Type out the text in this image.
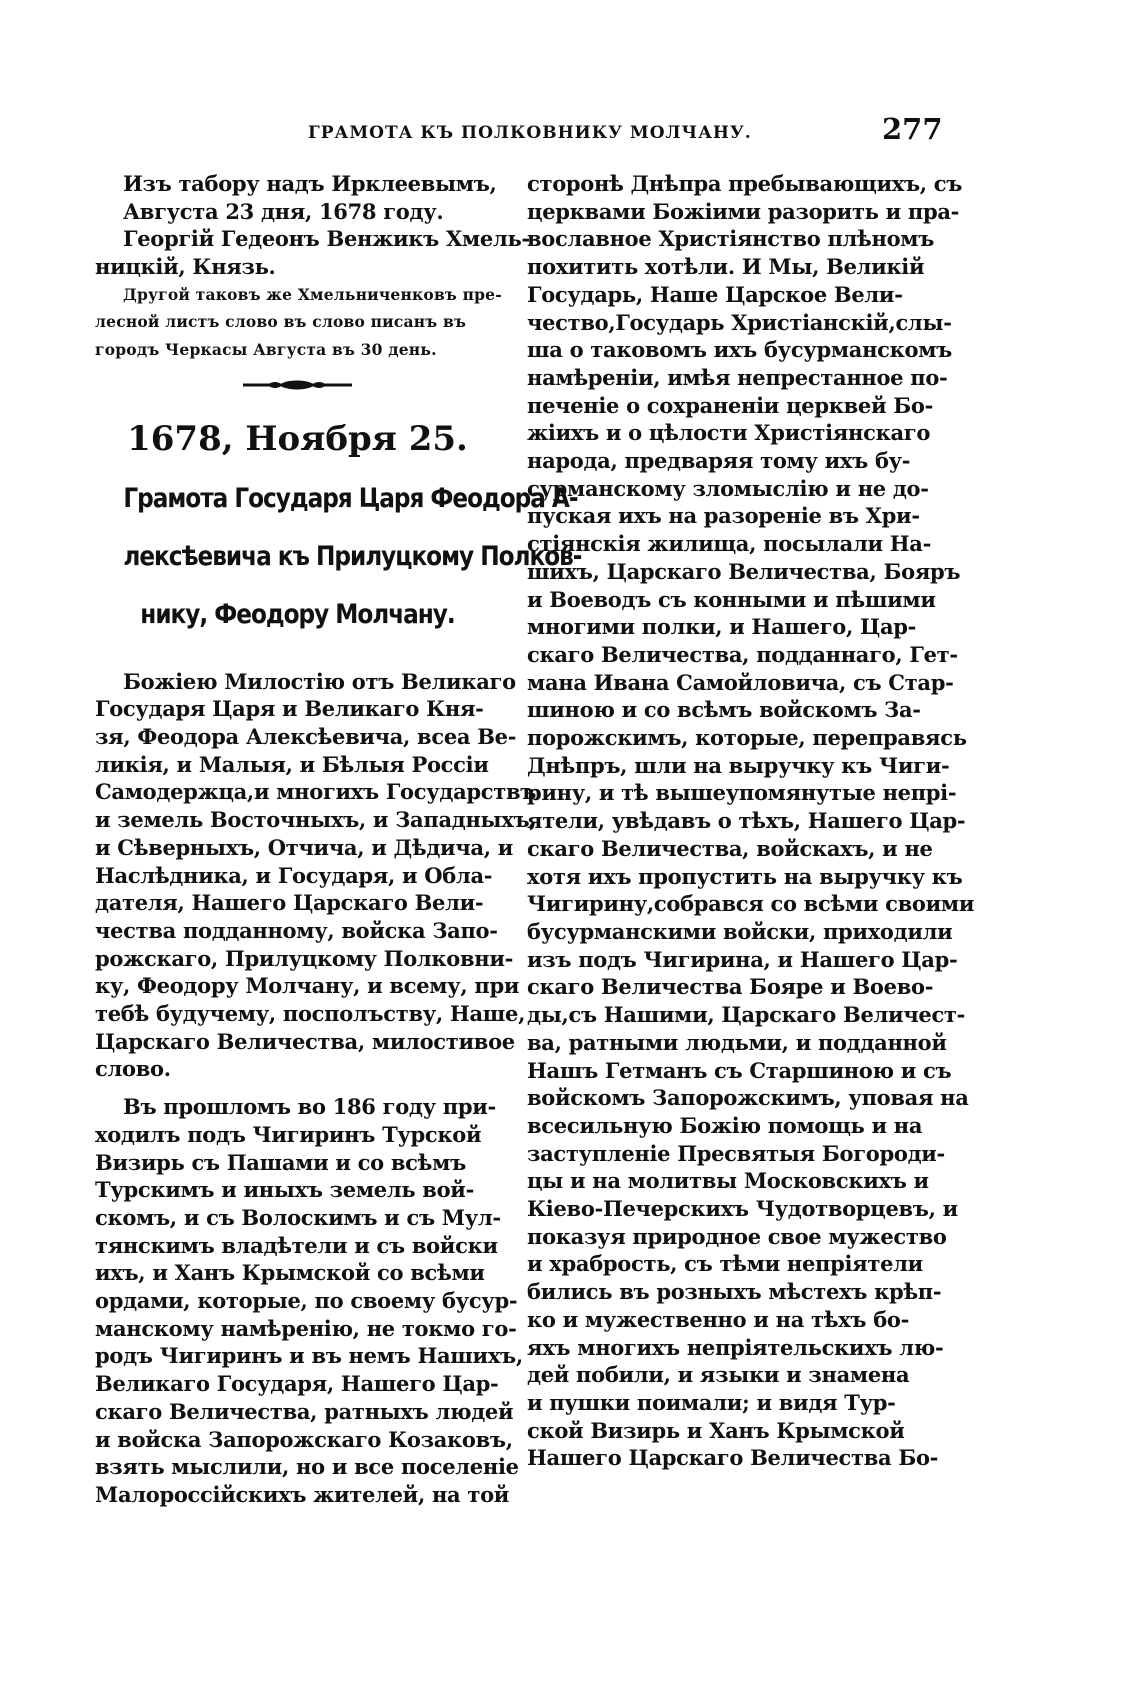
ГРАМОТА КЪ ПОЛКОВНИКУ МОЛЧАНУ.	277
Изъ табору надъ Ирклеевымъ,
Августа 23 дня, 1678 году.
Георгій Гедеонъ Венжикъ Хмель-
ницкій, Князь.
Другой таковъ же Хмельниченковъ пре-
лесной листъ слово въ слово писанъ въ
городъ Черкасы Августа въ 30 день.
1678, Ноября 25.
Грамота Государя Царя Феодора А-
лексѣевича къ Прилуцкому Полков-
нику, Феодору Молчану.
Божіею Милостію отъ Великаго
Государя Царя и Великаго Кня-
зя, Феодора Алексѣевича, всеа Ве-
ликія, и Малыя, и Бѣлыя Россіи
Самодержца,и многихъ Государствъ
и земель Восточныхъ, и Западныхъ,
и Сѣверныхъ, Отчича, и Дѣдича, и
Наслѣдника, и Государя, и Обла-
дателя, Нашего Царскаго Вели-
чества подданному, войска Запо-
рожскаго, Прилуцкому Полковни-
ку, Феодору Молчану, и всему, при
тебѣ будучему, посполъству, Наше,
Царскаго Величества, милостивое
слово.
Въ прошломъ во 186 году при-
ходилъ подъ Чигиринъ Турской
Визирь съ Пашами и со всѣмъ
Турскимъ и иныхъ земель вой-
скомъ, и съ Волоскимъ и съ Мул-
тянскимъ владѣтели и съ войски
ихъ, и Ханъ Крымской со всѣми
ордами, которые, по своему бусур-
манскому намѣренію, не токмо го-
родъ Чигиринъ и въ немъ Нашихъ,
Великаго Государя, Нашего Цар-
скаго Величества, ратныхъ людей
и войска Запорожскаго Козаковъ,
взять мыслили, но и все поселеніе
Малороссійскихъ жителей, на той
сторонѣ Днѣпра пребывающихъ, съ
церквами Божіими разорить и пра-
вославное Христіянство плѣномъ
похитить хотѣли. И Мы, Великій
Государь, Наше Царское Вели-
чество,Государь Христіанскій,слы-
ша о таковомъ ихъ бусурманскомъ
намѣреніи, имѣя непрестанное по-
печеніе о сохраненіи церквей Бо-
жіихъ и о цѣлости Христіянскаго
народа, предваряя тому ихъ бу-
сурманскому зломыслію и не до-
пуская ихъ на разореніе въ Хри-
стіянскія жилища, посылали На-
шихъ, Царскаго Величества, Бояръ
и Воеводъ съ конными и пѣшими
многими полки, и Нашего, Цар-
скаго Величества, подданнаго, Гет-
мана Ивана Самойловича, съ Стар-
шиною и со всѣмъ войскомъ За-
порожскимъ, которые, переправясь
Днѣпръ, шли на выручку къ Чиги-
рину, и тѣ вышеупомянутые непрі-
ятели, увѣдавъ о тѣхъ, Нашего Цар-
скаго Величества, войскахъ, и не
хотя ихъ пропустить на выручку къ
Чигирину,собрався со всѣми своими
бусурманскими войски, приходили
изъ подъ Чигирина, и Нашего Цар-
скаго Величества Бояре и Воево-
ды,съ Нашими, Царскаго Величест-
ва, ратными людьми, и подданной
Нашъ Гетманъ съ Старшиною и съ
войскомъ Запорожскимъ, уповая на
всесильную Божію помощь и на
заступленіе Пресвятыя Богороди-
цы и на молитвы Московскихъ и
Кіево-Печерскихъ Чудотворцевъ, и
показуя природное свое мужество
и храбрость, съ тѣми непріятели
бились въ розныхъ мѣстехъ крѣп-
ко и мужественно и на тѣхъ бо-
яхъ многихъ непріятельскихъ лю-
дей побили, и языки и знамена
и пушки поимали; и видя Тур-
ской Визирь и Ханъ Крымской
Нашего Царскаго Величества Бо-
